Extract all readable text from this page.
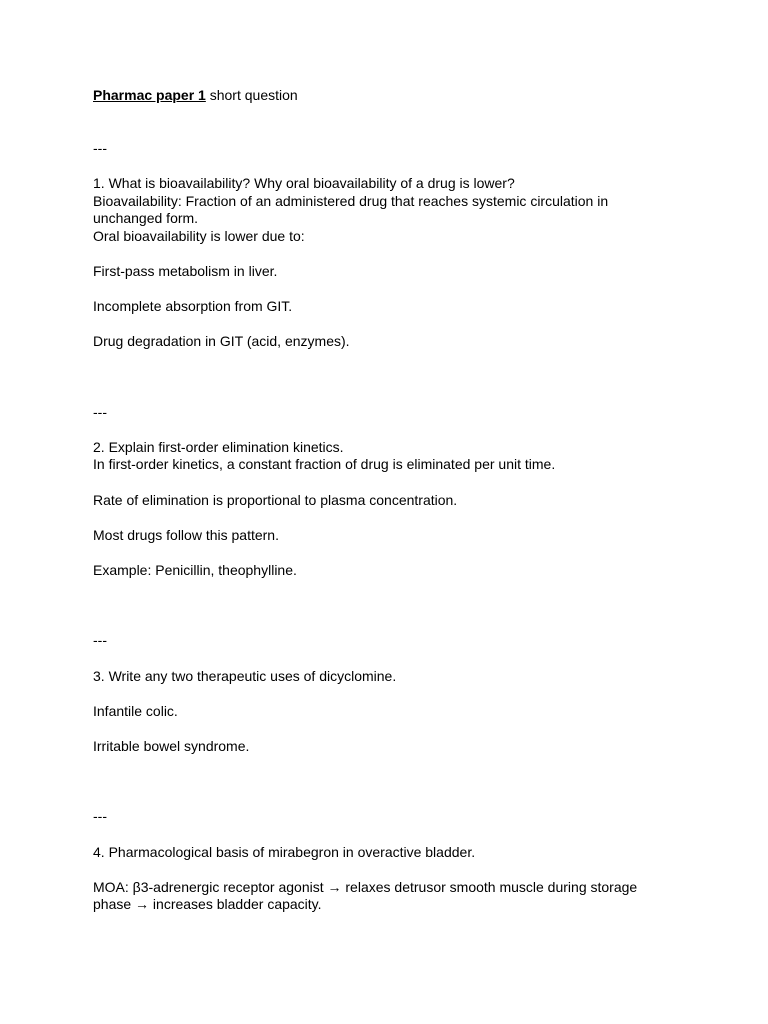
Pharmac paper 1 short question

---

1. What is bioavailability? Why oral bioavailability of a drug is lower?

Bioavailability: Fraction of an administered drug that reaches systemic circulation in

unchanged form.

Oral bioavailability is lower due to:

First-pass metabolism in liver.

Incomplete absorption from GIT.

Drug degradation in GIT (acid, enzymes).

---

2. Explain first-order elimination kinetics.

In first-order kinetics, a constant fraction of drug is eliminated per unit time.

Rate of elimination is proportional to plasma concentration.

Most drugs follow this pattern.

Example: Penicillin, theophylline.

---

3. Write any two therapeutic uses of dicyclomine.

Infantile colic.

Irritable bowel syndrome.

---

4. Pharmacological basis of mirabegron in overactive bladder.

MOA: β3-adrenergic receptor agonist → relaxes detrusor smooth muscle during storage

phase → increases bladder capacity.
